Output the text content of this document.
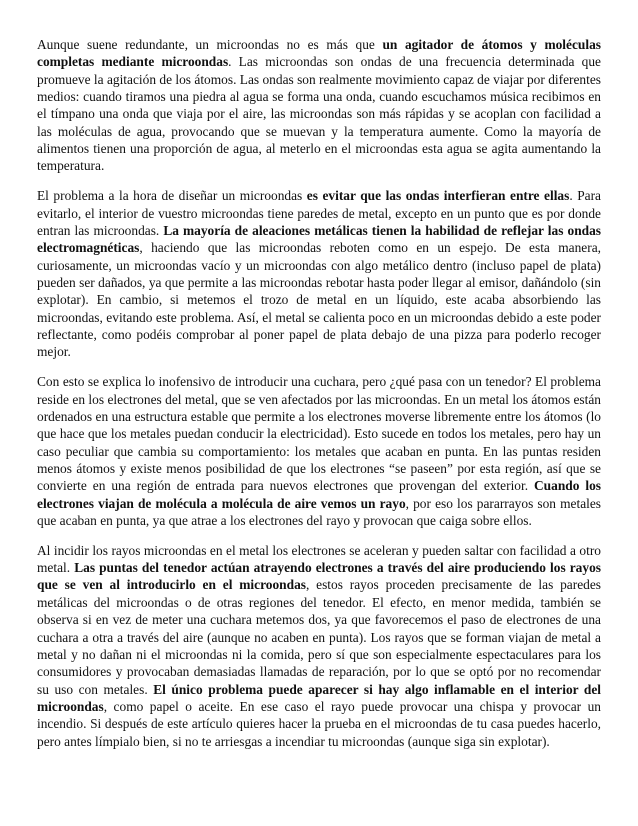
Aunque suene redundante, un microondas no es más que un agitador de átomos y moléculas completas mediante microondas. Las microondas son ondas de una frecuencia determinada que promueve la agitación de los átomos. Las ondas son realmente movimiento capaz de viajar por diferentes medios: cuando tiramos una piedra al agua se forma una onda, cuando escuchamos música recibimos en el tímpano una onda que viaja por el aire, las microondas son más rápidas y se acoplan con facilidad a las moléculas de agua, provocando que se muevan y la temperatura aumente. Como la mayoría de alimentos tienen una proporción de agua, al meterlo en el microondas esta agua se agita aumentando la temperatura.

El problema a la hora de diseñar un microondas es evitar que las ondas interfieran entre ellas. Para evitarlo, el interior de vuestro microondas tiene paredes de metal, excepto en un punto que es por donde entran las microondas. La mayoría de aleaciones metálicas tienen la habilidad de reflejar las ondas electromagnéticas, haciendo que las microondas reboten como en un espejo. De esta manera, curiosamente, un microondas vacío y un microondas con algo metálico dentro (incluso papel de plata) pueden ser dañados, ya que permite a las microondas rebotar hasta poder llegar al emisor, dañándolo (sin explotar). En cambio, si metemos el trozo de metal en un líquido, este acaba absorbiendo las microondas, evitando este problema. Así, el metal se calienta poco en un microondas debido a este poder reflectante, como podéis comprobar al poner papel de plata debajo de una pizza para poderlo recoger mejor.

Con esto se explica lo inofensivo de introducir una cuchara, pero ¿qué pasa con un tenedor? El problema reside en los electrones del metal, que se ven afectados por las microondas. En un metal los átomos están ordenados en una estructura estable que permite a los electrones moverse libremente entre los átomos (lo que hace que los metales puedan conducir la electricidad). Esto sucede en todos los metales, pero hay un caso peculiar que cambia su comportamiento: los metales que acaban en punta. En las puntas residen menos átomos y existe menos posibilidad de que los electrones “se paseen” por esta región, así que se convierte en una región de entrada para nuevos electrones que provengan del exterior. Cuando los electrones viajan de molécula a molécula de aire vemos un rayo, por eso los pararrayos son metales que acaban en punta, ya que atrae a los electrones del rayo y provocan que caiga sobre ellos.

Al incidir los rayos microondas en el metal los electrones se aceleran y pueden saltar con facilidad a otro metal. Las puntas del tenedor actúan atrayendo electrones a través del aire produciendo los rayos que se ven al introducirlo en el microondas, estos rayos proceden precisamente de las paredes metálicas del microondas o de otras regiones del tenedor. El efecto, en menor medida, también se observa si en vez de meter una cuchara metemos dos, ya que favorecemos el paso de electrones de una cuchara a otra a través del aire (aunque no acaben en punta). Los rayos que se forman viajan de metal a metal y no dañan ni el microondas ni la comida, pero sí que son especialmente espectaculares para los consumidores y provocaban demasiadas llamadas de reparación, por lo que se optó por no recomendar su uso con metales. El único problema puede aparecer si hay algo inflamable en el interior del microondas, como papel o aceite. En ese caso el rayo puede provocar una chispa y provocar un incendio. Si después de este artículo quieres hacer la prueba en el microondas de tu casa puedes hacerlo, pero antes límpialo bien, si no te arriesgas a incendiar tu microondas (aunque siga sin explotar).
